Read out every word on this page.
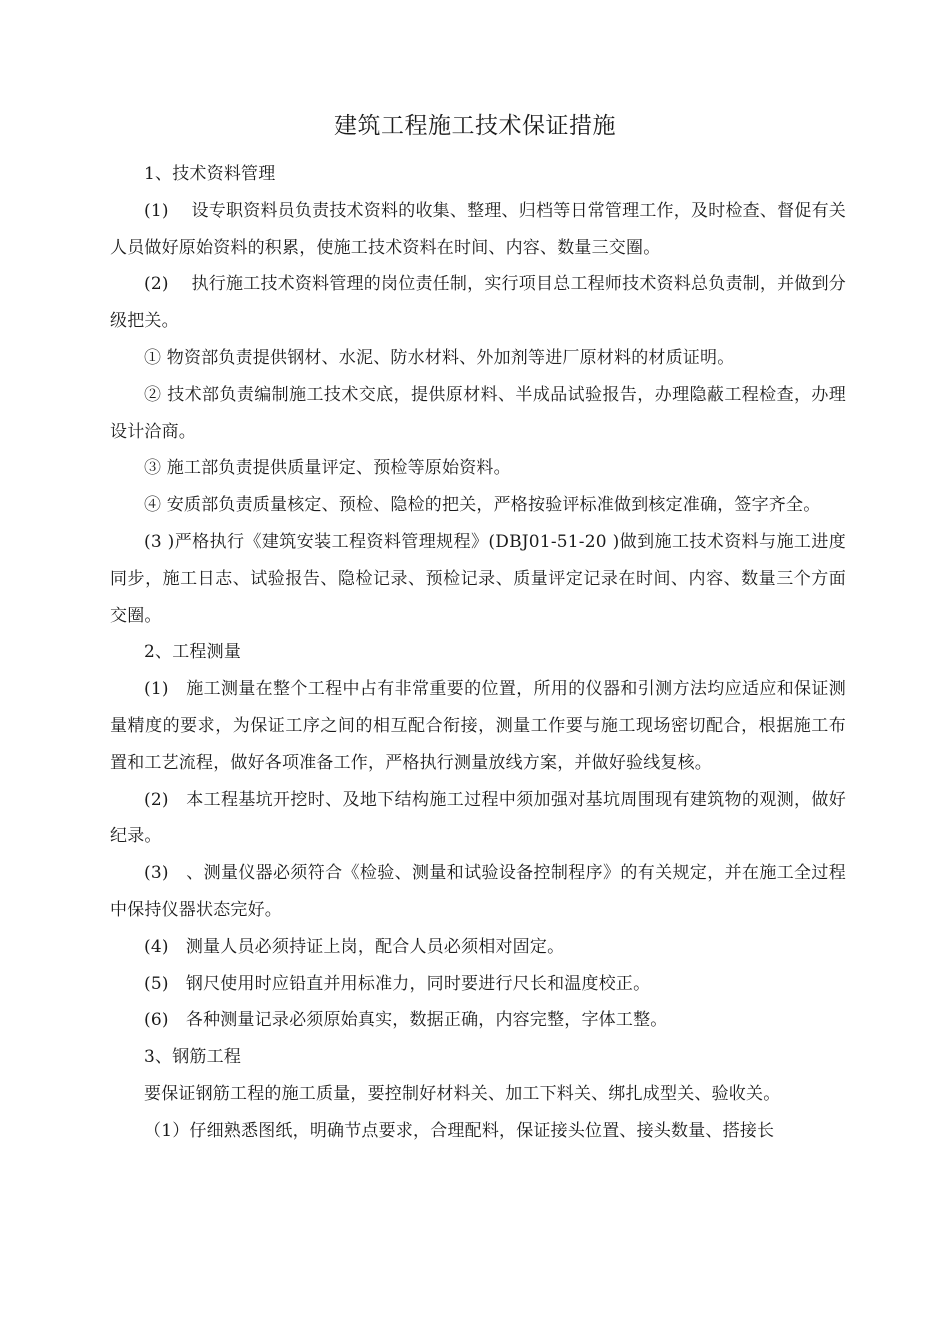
建筑工程施工技术保证措施

1、技术资料管理

(1)　 设专职资料员负责技术资料的收集、整理、归档等日常管理工作，及时检查、督促有关人员做好原始资料的积累，使施工技术资料在时间、内容、数量三交圈。

(2)　 执行施工技术资料管理的岗位责任制，实行项目总工程师技术资料总负责制，并做到分级把关。

① 物资部负责提供钢材、水泥、防水材料、外加剂等进厂原材料的材质证明。

② 技术部负责编制施工技术交底，提供原材料、半成品试验报告，办理隐蔽工程检查，办理设计洽商。

③ 施工部负责提供质量评定、预检等原始资料。

④ 安质部负责质量核定、预检、隐检的把关，严格按验评标准做到核定准确，签字齐全。

(3 )严格执行《建筑安装工程资料管理规程》(DBJ01-51-20 )做到施工技术资料与施工进度同步，施工日志、试验报告、隐检记录、预检记录、质量评定记录在时间、内容、数量三个方面交圈。

2、工程测量

(1)　施工测量在整个工程中占有非常重要的位置，所用的仪器和引测方法均应适应和保证测量精度的要求，为保证工序之间的相互配合衔接，测量工作要与施工现场密切配合，根据施工布置和工艺流程，做好各项准备工作，严格执行测量放线方案，并做好验线复核。

(2)　本工程基坑开挖时、及地下结构施工过程中须加强对基坑周围现有建筑物的观测，做好纪录。

(3)　、测量仪器必须符合《检验、测量和试验设备控制程序》的有关规定，并在施工全过程中保持仪器状态完好。

(4)　测量人员必须持证上岗，配合人员必须相对固定。

(5)　钢尺使用时应铅直并用标准力，同时要进行尺长和温度校正。

(6)　各种测量记录必须原始真实，数据正确，内容完整，字体工整。

3、钢筋工程

要保证钢筋工程的施工质量，要控制好材料关、加工下料关、绑扎成型关、验收关。

（1）仔细熟悉图纸，明确节点要求，合理配料，保证接头位置、接头数量、搭接长
